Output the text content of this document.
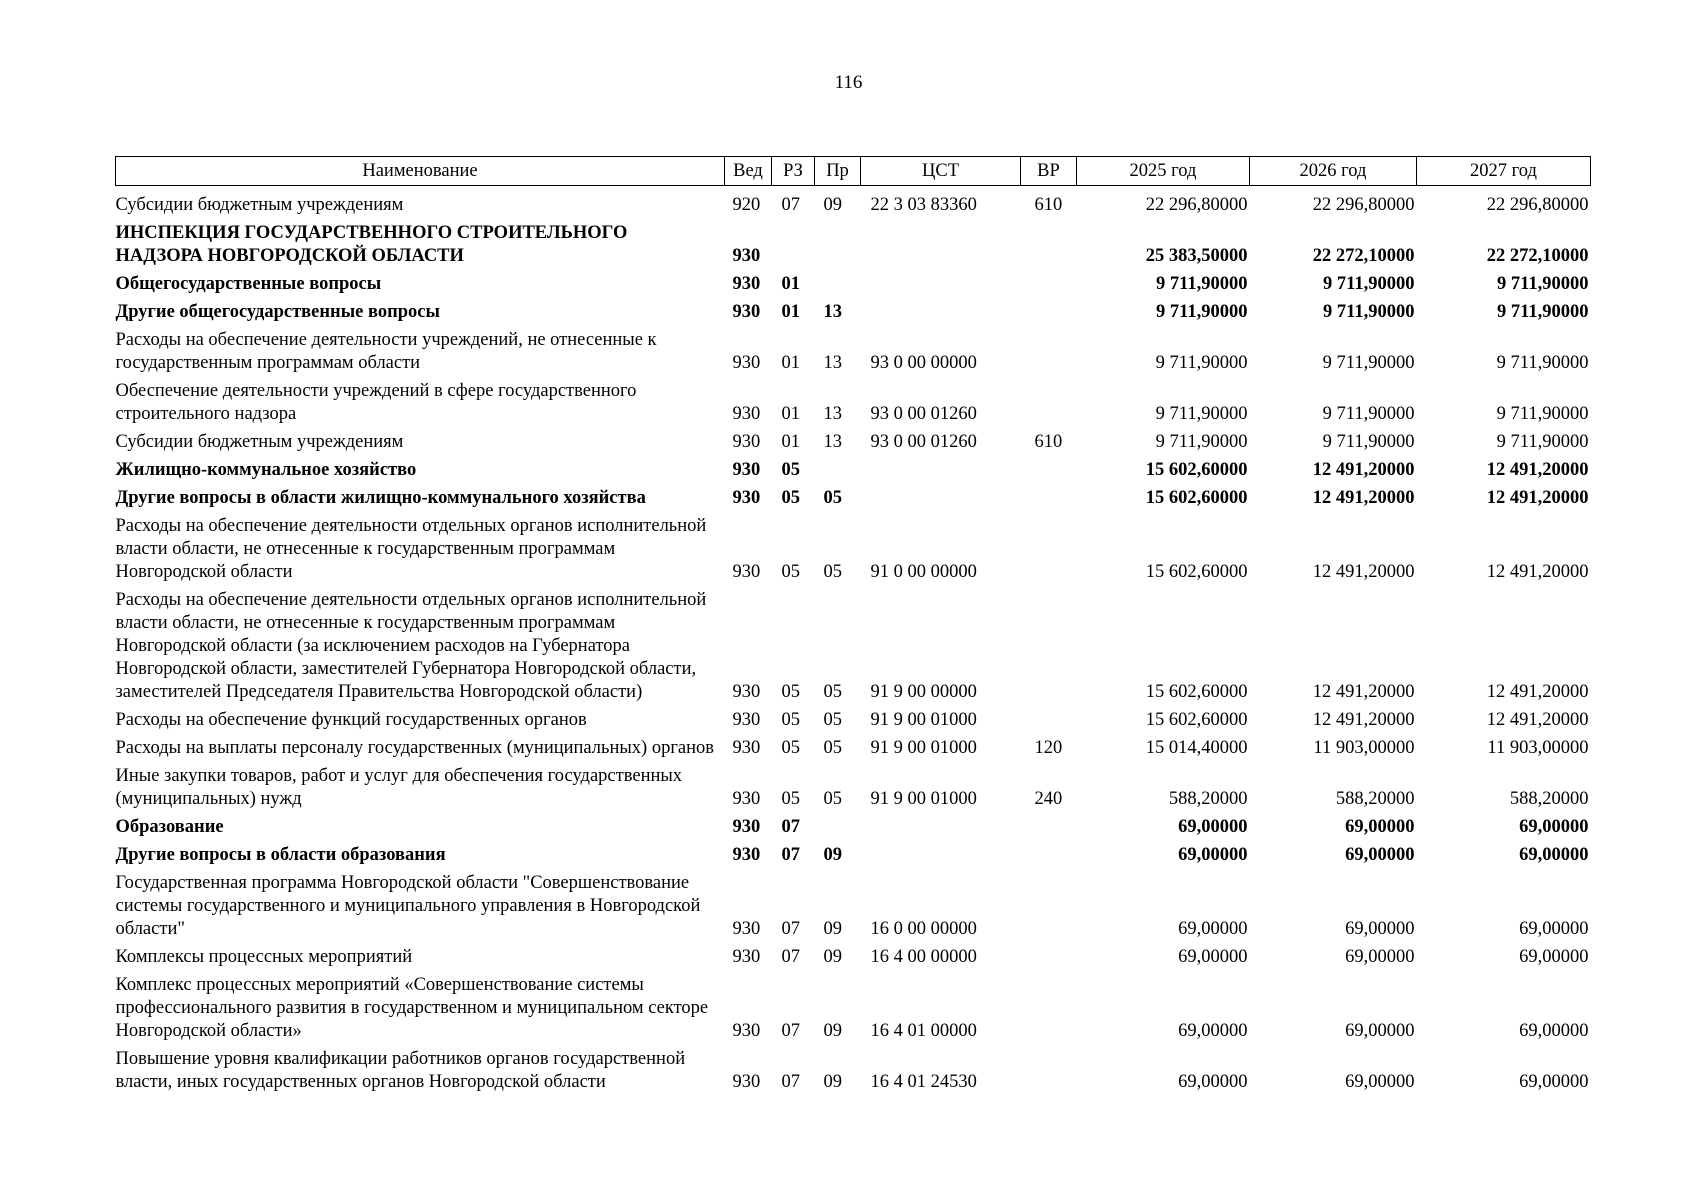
116
Наименование	Вед	РЗ	Пр	ЦСТ	ВР	2025 год	2026 год	2027 год
Субсидии бюджетным учреждениям	920	07	09	22 3 03 83360	610	22 296,80000	22 296,80000	22 296,80000
ИНСПЕКЦИЯ ГОСУДАРСТВЕННОГО СТРОИТЕЛЬНОГО НАДЗОРА НОВГОРОДСКОЙ ОБЛАСТИ	930					25 383,50000	22 272,10000	22 272,10000
Общегосударственные вопросы	930	01				9 711,90000	9 711,90000	9 711,90000
Другие общегосударственные вопросы	930	01	13			9 711,90000	9 711,90000	9 711,90000
Расходы на обеспечение деятельности учреждений, не отнесенные к государственным программам области	930	01	13	93 0 00 00000		9 711,90000	9 711,90000	9 711,90000
Обеспечение деятельности учреждений в сфере государственного строительного надзора	930	01	13	93 0 00 01260		9 711,90000	9 711,90000	9 711,90000
Субсидии бюджетным учреждениям	930	01	13	93 0 00 01260	610	9 711,90000	9 711,90000	9 711,90000
Жилищно-коммунальное хозяйство	930	05				15 602,60000	12 491,20000	12 491,20000
Другие вопросы в области жилищно-коммунального хозяйства	930	05	05			15 602,60000	12 491,20000	12 491,20000
Расходы на обеспечение деятельности отдельных органов исполнительной власти области, не отнесенные к государственным программам Новгородской области	930	05	05	91 0 00 00000		15 602,60000	12 491,20000	12 491,20000
Расходы на обеспечение деятельности отдельных органов исполнительной власти области, не отнесенные к государственным программам Новгородской области (за исключением расходов на Губернатора Новгородской области, заместителей Губернатора Новгородской области, заместителей Председателя Правительства Новгородской области)	930	05	05	91 9 00 00000		15 602,60000	12 491,20000	12 491,20000
Расходы на обеспечение функций государственных органов	930	05	05	91 9 00 01000		15 602,60000	12 491,20000	12 491,20000
Расходы на выплаты персоналу государственных (муниципальных) органов	930	05	05	91 9 00 01000	120	15 014,40000	11 903,00000	11 903,00000
Иные закупки товаров, работ и услуг для обеспечения государственных (муниципальных) нужд	930	05	05	91 9 00 01000	240	588,20000	588,20000	588,20000
Образование	930	07				69,00000	69,00000	69,00000
Другие вопросы в области образования	930	07	09			69,00000	69,00000	69,00000
Государственная программа Новгородской области "Совершенствование системы государственного и муниципального управления в Новгородской области"	930	07	09	16 0 00 00000		69,00000	69,00000	69,00000
Комплексы процессных мероприятий	930	07	09	16 4 00 00000		69,00000	69,00000	69,00000
Комплекс процессных мероприятий «Совершенствование системы профессионального развития в государственном и муниципальном секторе Новгородской области»	930	07	09	16 4 01 00000		69,00000	69,00000	69,00000
Повышение уровня квалификации работников органов государственной власти, иных государственных органов Новгородской области	930	07	09	16 4 01 24530		69,00000	69,00000	69,00000
